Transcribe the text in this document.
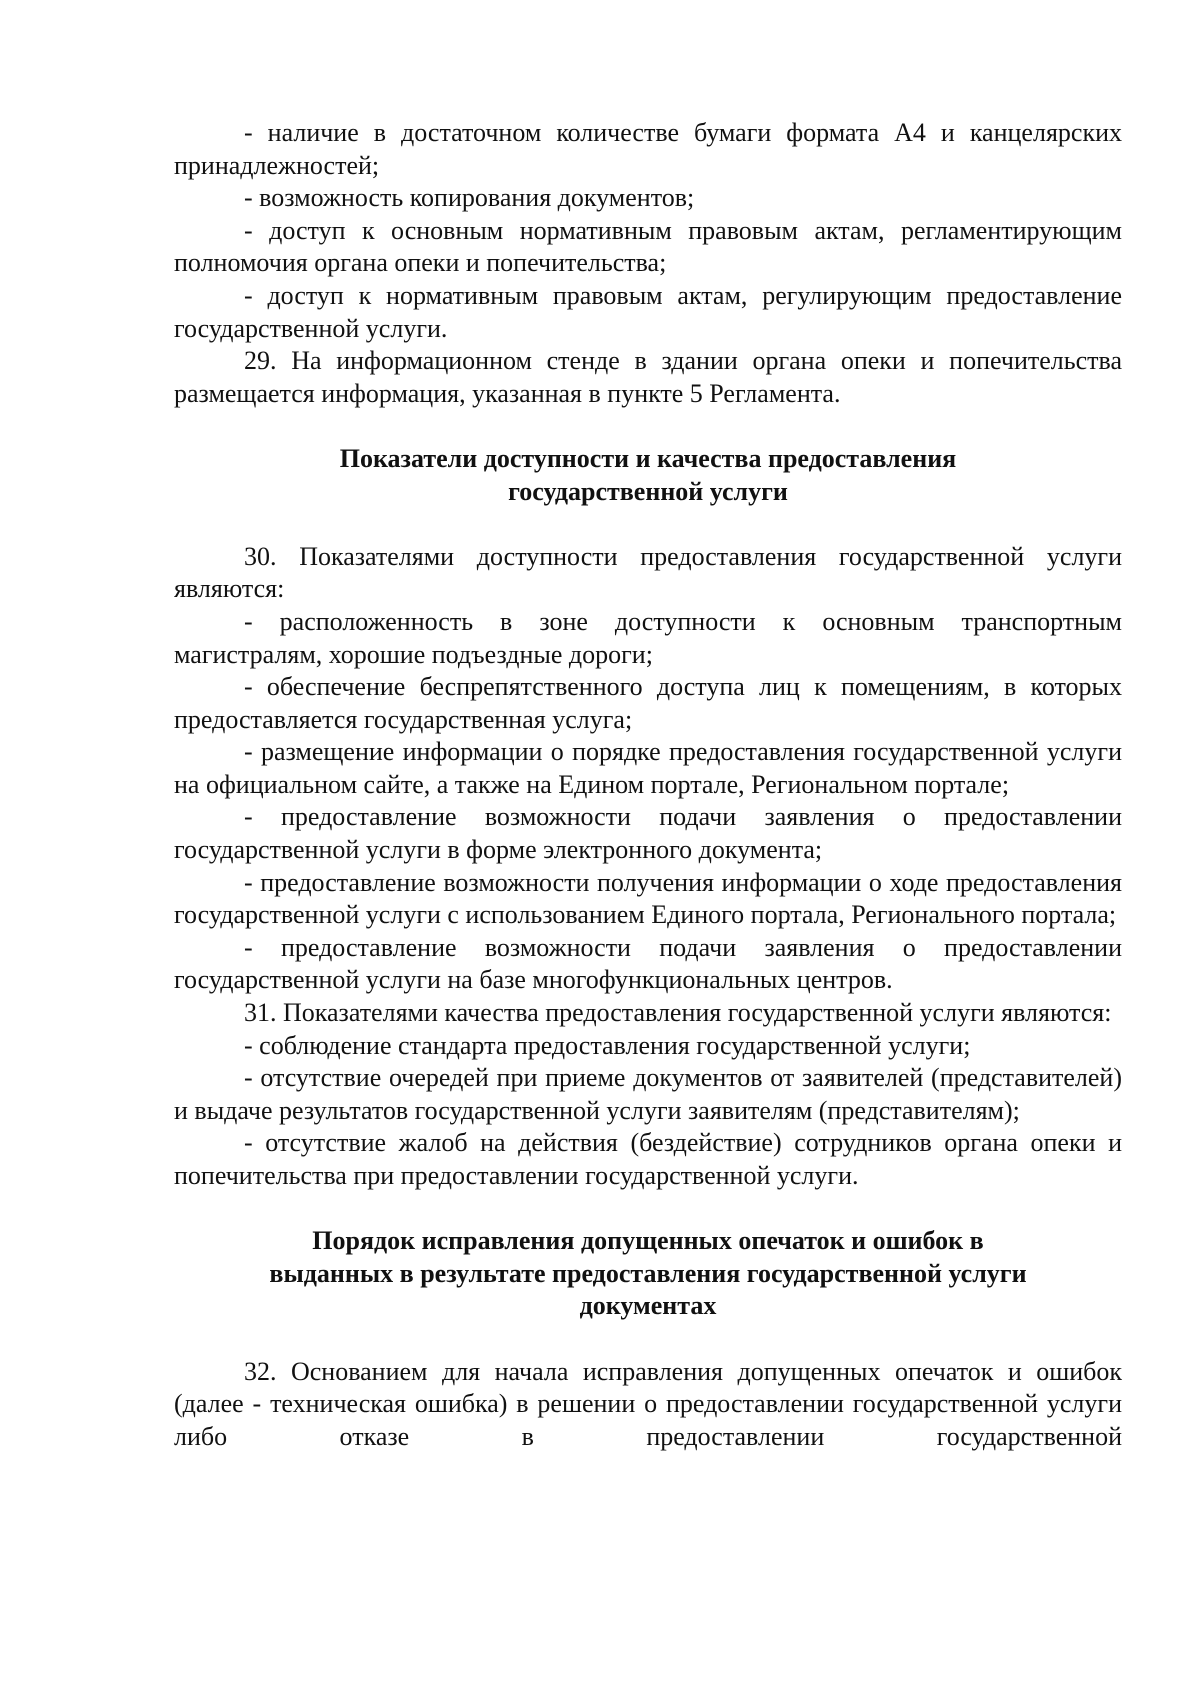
- наличие в достаточном количестве бумаги формата А4 и канцелярских принадлежностей;

- возможность копирования документов;

- доступ к основным нормативным правовым актам, регламентирующим полномочия органа опеки и попечительства;

- доступ к нормативным правовым актам, регулирующим предоставление государственной услуги.

29. На информационном стенде в здании органа опеки и попечительства размещается информация, указанная в пункте 5 Регламента.

Показатели доступности и качества предоставления

государственной услуги

30. Показателями доступности предоставления государственной услуги являются:

- расположенность в зоне доступности к основным транспортным магистралям, хорошие подъездные дороги;

- обеспечение беспрепятственного доступа лиц к помещениям, в которых предоставляется государственная услуга;

- размещение информации о порядке предоставления государственной услуги на официальном сайте, а также на Едином портале, Региональном портале;

- предоставление возможности подачи заявления о предоставлении государственной услуги в форме электронного документа;

- предоставление возможности получения информации о ходе предоставления государственной услуги с использованием Единого портала, Регионального портала;

- предоставление возможности подачи заявления о предоставлении государственной услуги на базе многофункциональных центров.

31. Показателями качества предоставления государственной услуги являются:

- соблюдение стандарта предоставления государственной услуги;

- отсутствие очередей при приеме документов от заявителей (представителей) и выдаче результатов государственной услуги заявителям (представителям);

- отсутствие жалоб на действия (бездействие) сотрудников органа опеки и попечительства при предоставлении государственной услуги.

Порядок исправления допущенных опечаток и ошибок в

выданных в результате предоставления государственной услуги

документах

32. Основанием для начала исправления допущенных опечаток и ошибок (далее - техническая ошибка) в решении о предоставлении государственной услуги либо отказе в предоставлении государственной
